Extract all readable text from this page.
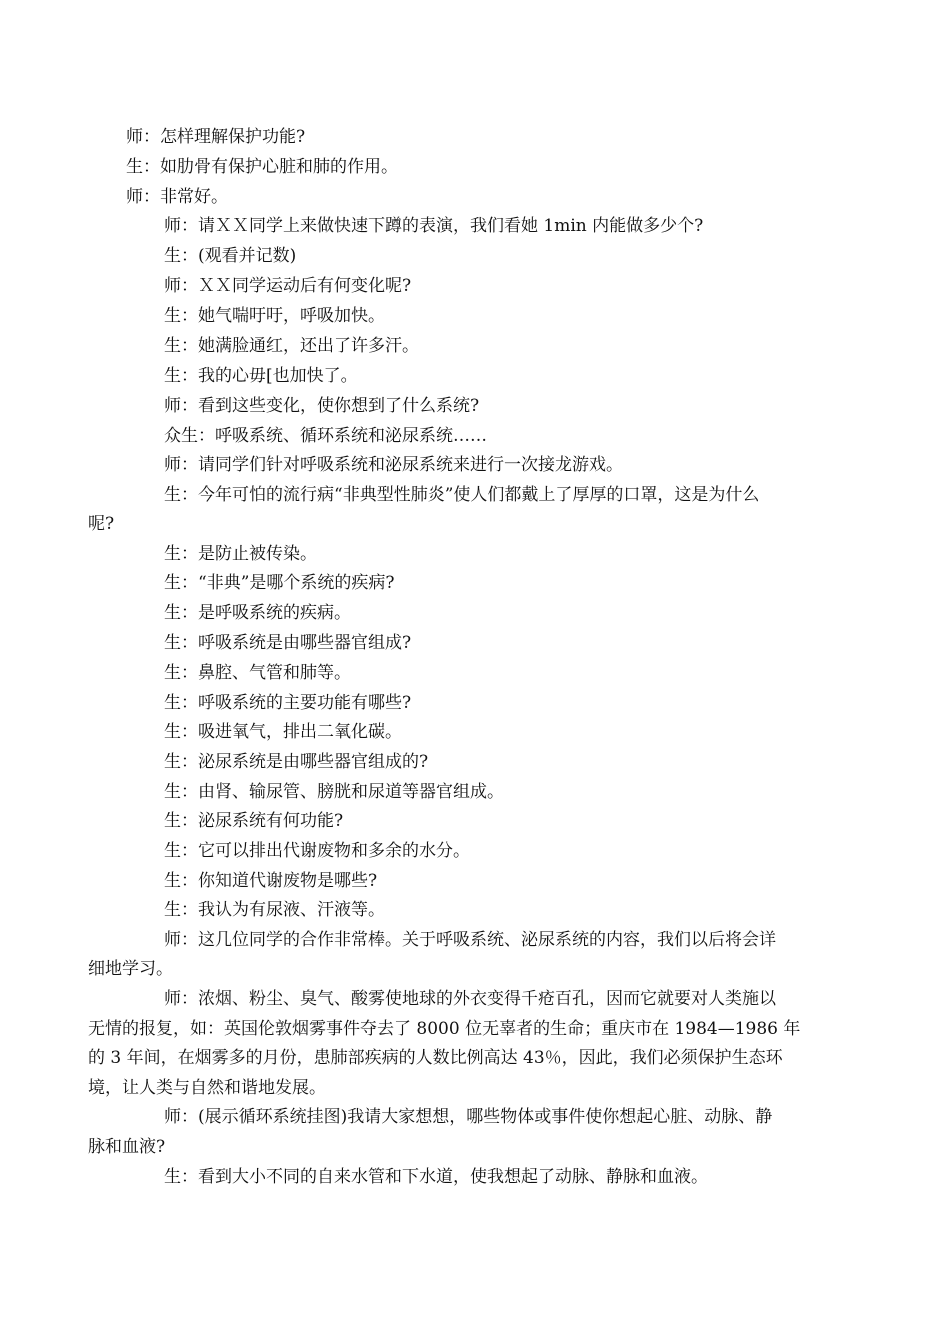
师：怎样理解保护功能?
生：如肋骨有保护心脏和肺的作用。
师：非常好。
师：请ＸＸ同学上来做快速下蹲的表演，我们看她 1min 内能做多少个?
生：(观看并记数)
师：ＸＸ同学运动后有何变化呢?
生：她气喘吁吁，呼吸加快。
生：她满脸通红，还出了许多汗。
生：我的心毋[也加快了。
师：看到这些变化，使你想到了什么系统?
众生：呼吸系统、循环系统和泌尿系统……
师：请同学们针对呼吸系统和泌尿系统来进行一次接龙游戏。
生：今年可怕的流行病“非典型性肺炎”使人们都戴上了厚厚的口罩，这是为什么
呢?
生：是防止被传染。
生：“非典”是哪个系统的疾病?
生：是呼吸系统的疾病。
生：呼吸系统是由哪些器官组成?
生：鼻腔、气管和肺等。
生：呼吸系统的主要功能有哪些?
生：吸进氧气，排出二氧化碳。
生：泌尿系统是由哪些器官组成的?
生：由肾、输尿管、膀胱和尿道等器官组成。
生：泌尿系统有何功能?
生：它可以排出代谢废物和多余的水分。
生：你知道代谢废物是哪些?
生：我认为有尿液、汗液等。
师：这几位同学的合作非常棒。关于呼吸系统、泌尿系统的内容，我们以后将会详
细地学习。
师：浓烟、粉尘、臭气、酸雾使地球的外衣变得千疮百孔，因而它就要对人类施以
无情的报复，如：英国伦敦烟雾事件夺去了 8000 位无辜者的生命；重庆市在 1984—1986 年
的 3 年间，在烟雾多的月份，患肺部疾病的人数比例高达 43％，因此，我们必须保护生态环
境，让人类与自然和谐地发展。
师：(展示循环系统挂图)我请大家想想，哪些物体或事件使你想起心脏、动脉、静
脉和血液?
生：看到大小不同的自来水管和下水道，使我想起了动脉、静脉和血液。
